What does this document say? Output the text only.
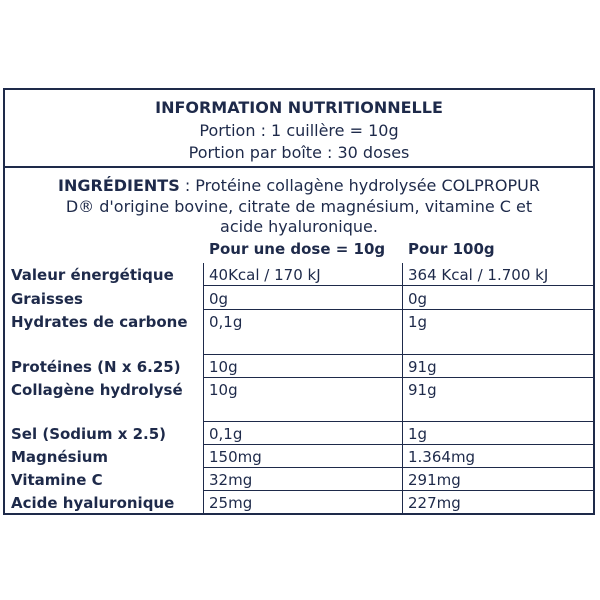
INFORMATION NUTRITIONNELLE
Portion : 1 cuillère = 10g
Portion par boîte : 30 doses
INGRÉDIENTS : Protéine collagène hydrolysée COLPROPUR
D® d'origine bovine, citrate de magnésium, vitamine C et
acide hyaluronique.
Pour une dose = 10g Pour 100g
Valeur énergétique	40Kcal / 170 kJ	364 Kcal / 1.700 kJ
Graisses	0g	0g
Hydrates de carbone	0,1g	1g
Protéines (N x 6.25)	10g	91g
Collagène hydrolysé	10g	91g
Sel (Sodium x 2.5)	0,1g	1g
Magnésium	150mg	1.364mg
Vitamine C	32mg	291mg
Acide hyaluronique	25mg	227mg
